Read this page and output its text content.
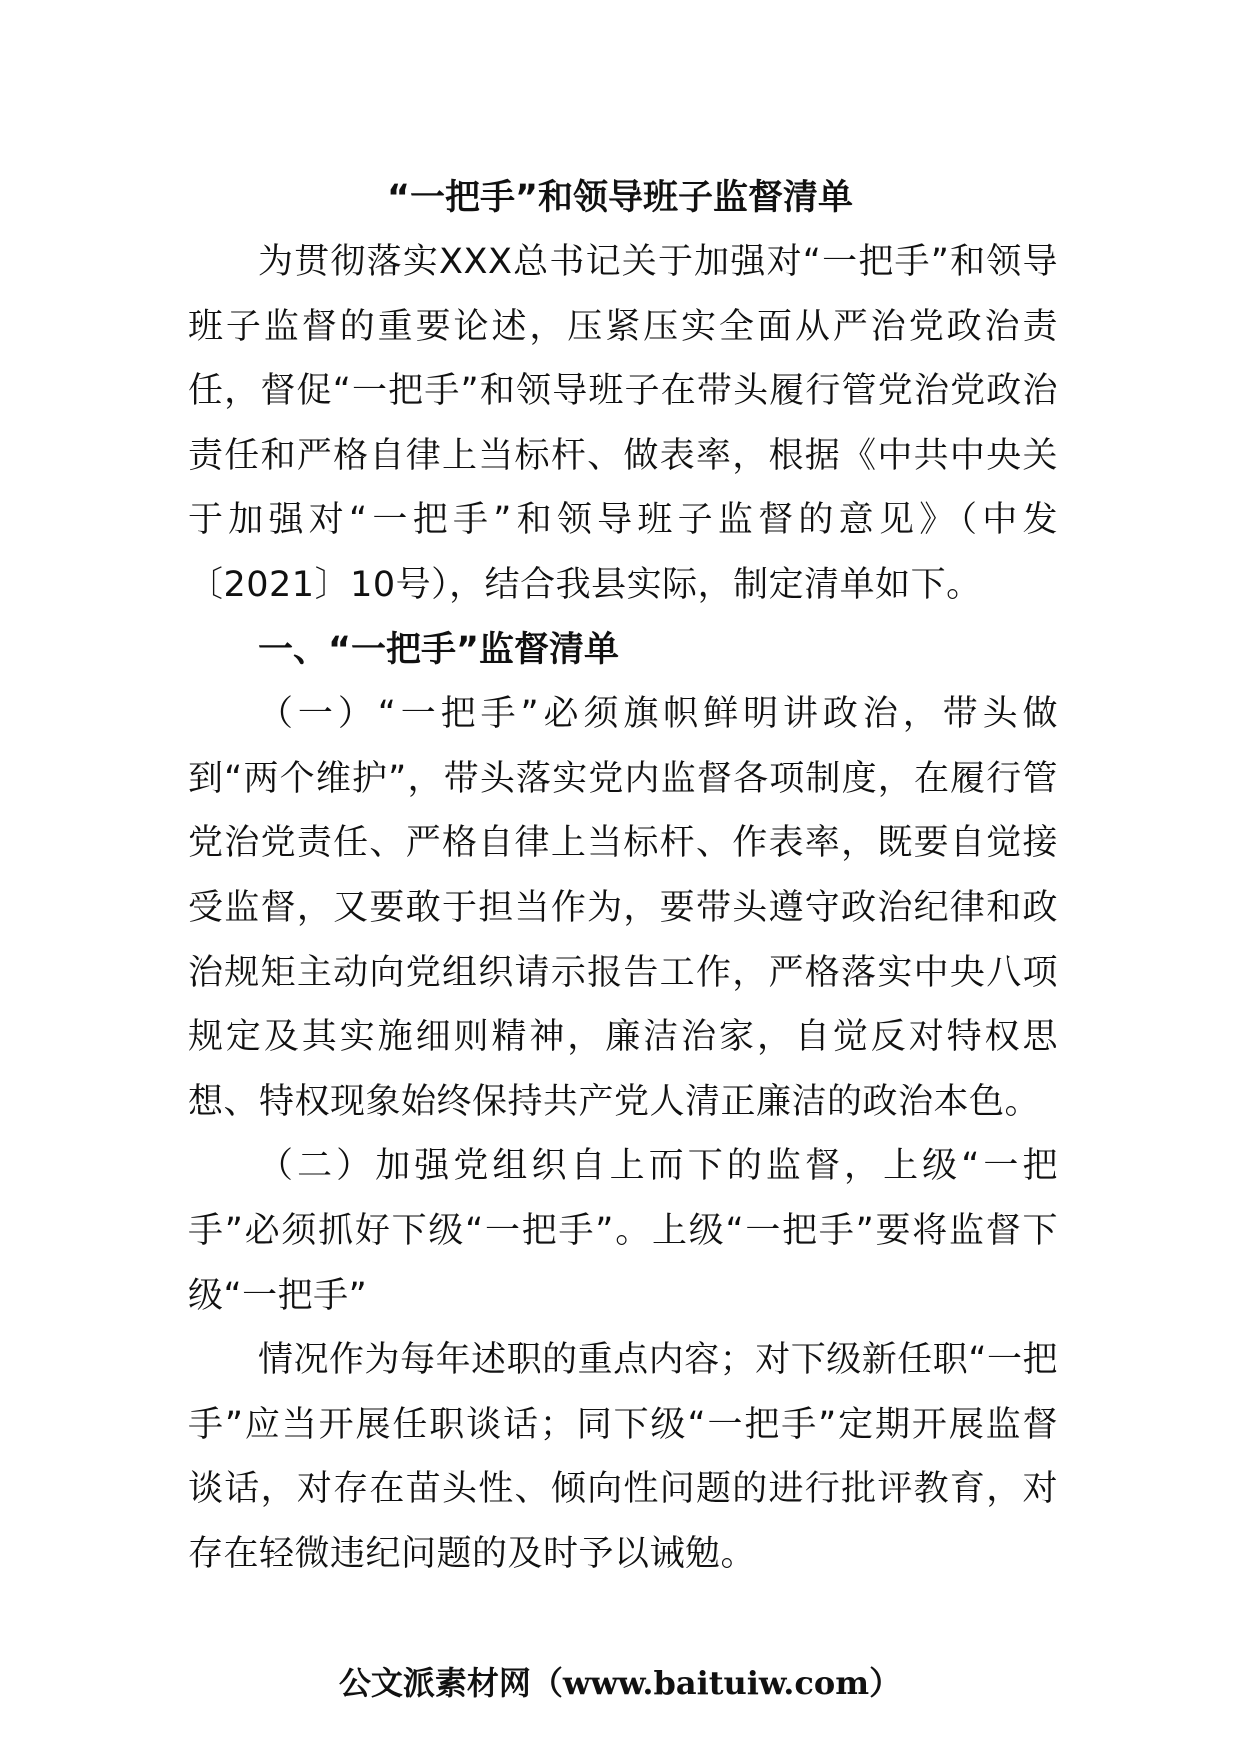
“一把手”和领导班子监督清单

为贯彻落实XXX总书记关于加强对“一把手”和领导班子监督的重要论述，压紧压实全面从严治党政治责任，督促“一把手”和领导班子在带头履行管党治党政治责任和严格自律上当标杆、做表率，根据《中共中央关于加强对“一把手”和领导班子监督的意见》（中发〔2021〕10号），结合我县实际，制定清单如下。

一、“一把手”监督清单

（一）“一把手”必须旗帜鲜明讲政治，带头做到“两个维护”，带头落实党内监督各项制度，在履行管党治党责任、严格自律上当标杆、作表率，既要自觉接受监督，又要敢于担当作为，要带头遵守政治纪律和政治规矩主动向党组织请示报告工作，严格落实中央八项规定及其实施细则精神，廉洁治家，自觉反对特权思想、特权现象始终保持共产党人清正廉洁的政治本色。

（二）加强党组织自上而下的监督，上级“一把手”必须抓好下级“一把手”。上级“一把手”要将监督下级“一把手”

情况作为每年述职的重点内容；对下级新任职“一把手”应当开展任职谈话；同下级“一把手”定期开展监督谈话，对存在苗头性、倾向性问题的进行批评教育，对存在轻微违纪问题的及时予以诫勉。

公文派素材网（www.baituiw.com）
